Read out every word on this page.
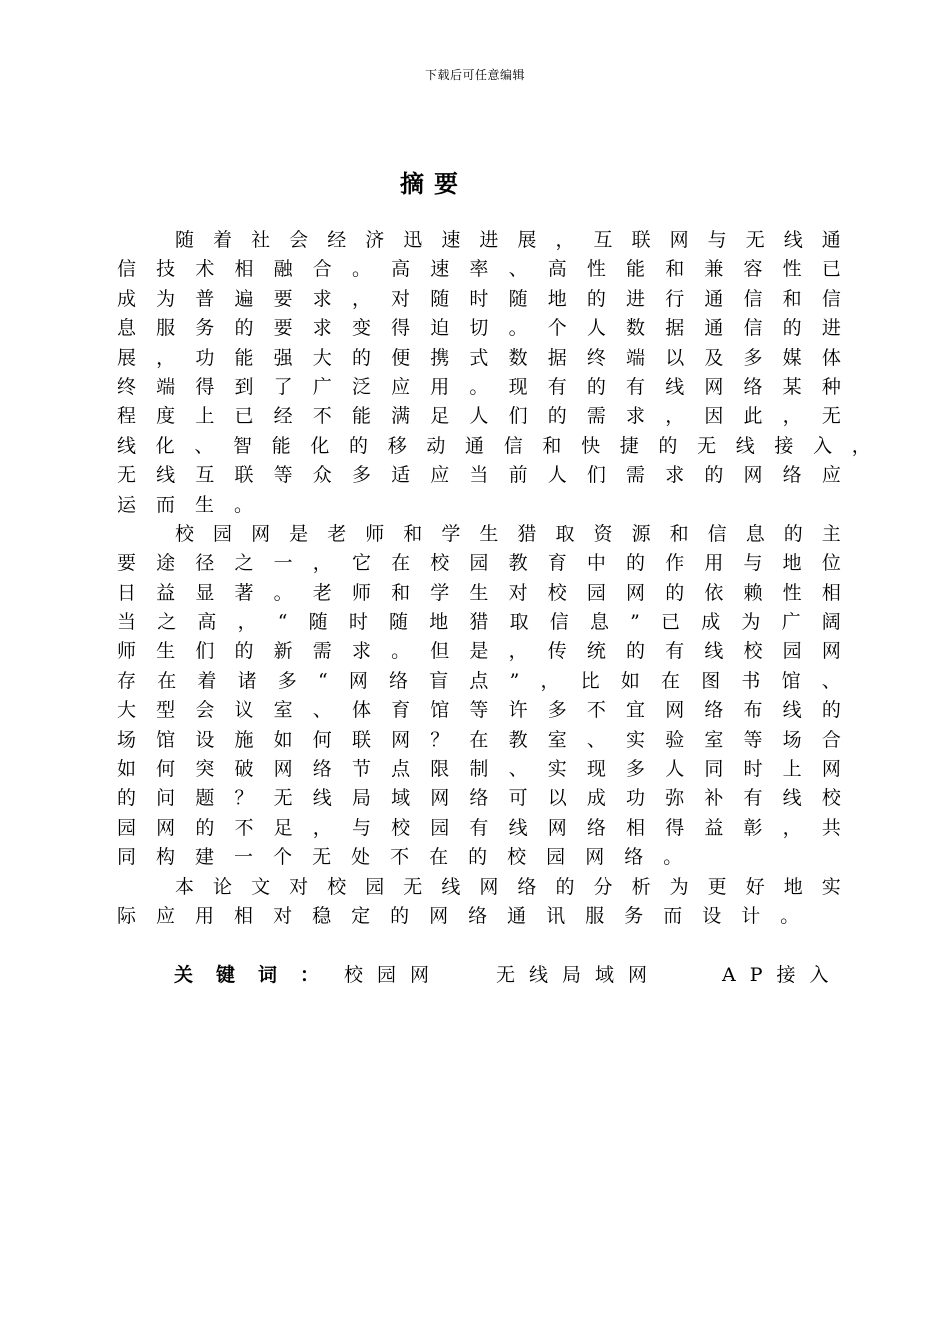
下载后可任意编辑
摘要
随 着 社 会 经 济 迅 速 进 展 ， 互 联 网 与 无 线 通
信 技 术 相 融 合 。 高 速 率 、 高 性 能 和 兼 容 性 已
成 为 普 遍 要 求 ， 对 随 时 随 地 的 进 行 通 信 和 信
息 服 务 的 要 求 变 得 迫 切 。 个 人 数 据 通 信 的 进
展 ， 功 能 强 大 的 便 携 式 数 据 终 端 以 及 多 媒 体
终 端 得 到 了 广 泛 应 用 。 现 有 的 有 线 网 络 某 种
程 度 上 已 经 不 能 满 足 人 们 的 需 求 ， 因 此 ， 无
线 化 、 智 能 化 的 移 动 通 信 和 快 捷 的 无 线 接 入 ，
无 线 互 联 等 众 多 适 应 当 前 人 们 需 求 的 网 络 应
运 而 生 。
校 园 网 是 老 师 和 学 生 猎 取 资 源 和 信 息 的 主
要 途 径 之 一 ， 它 在 校 园 教 育 中 的 作 用 与 地 位
日 益 显 著 。 老 师 和 学 生 对 校 园 网 的 依 赖 性 相
当 之 高 ， “ 随 时 随 地 猎 取 信 息 ” 已 成 为 广 阔
师 生 们 的 新 需 求 。 但 是 ， 传 统 的 有 线 校 园 网
存 在 着 诸 多 “ 网 络 盲 点 ” ， 比 如 在 图 书 馆 、
大 型 会 议 室 、 体 育 馆 等 许 多 不 宜 网 络 布 线 的
场 馆 设 施 如 何 联 网 ？ 在 教 室 、 实 验 室 等 场 合
如 何 突 破 网 络 节 点 限 制 、 实 现 多 人 同 时 上 网
的 问 题 ？ 无 线 局 域 网 络 可 以 成 功 弥 补 有 线 校
园 网 的 不 足 ， 与 校 园 有 线 网 络 相 得 益 彰 ， 共
同 构 建 一 个 无 处 不 在 的 校 园 网 络 。
本 论 文 对 校 园 无 线 网 络 的 分 析 为 更 好 地 实
际 应 用 相 对 稳 定 的 网 络 通 讯 服 务 而 设 计 。
关键词： 校园网	无线局域网	AP接入
